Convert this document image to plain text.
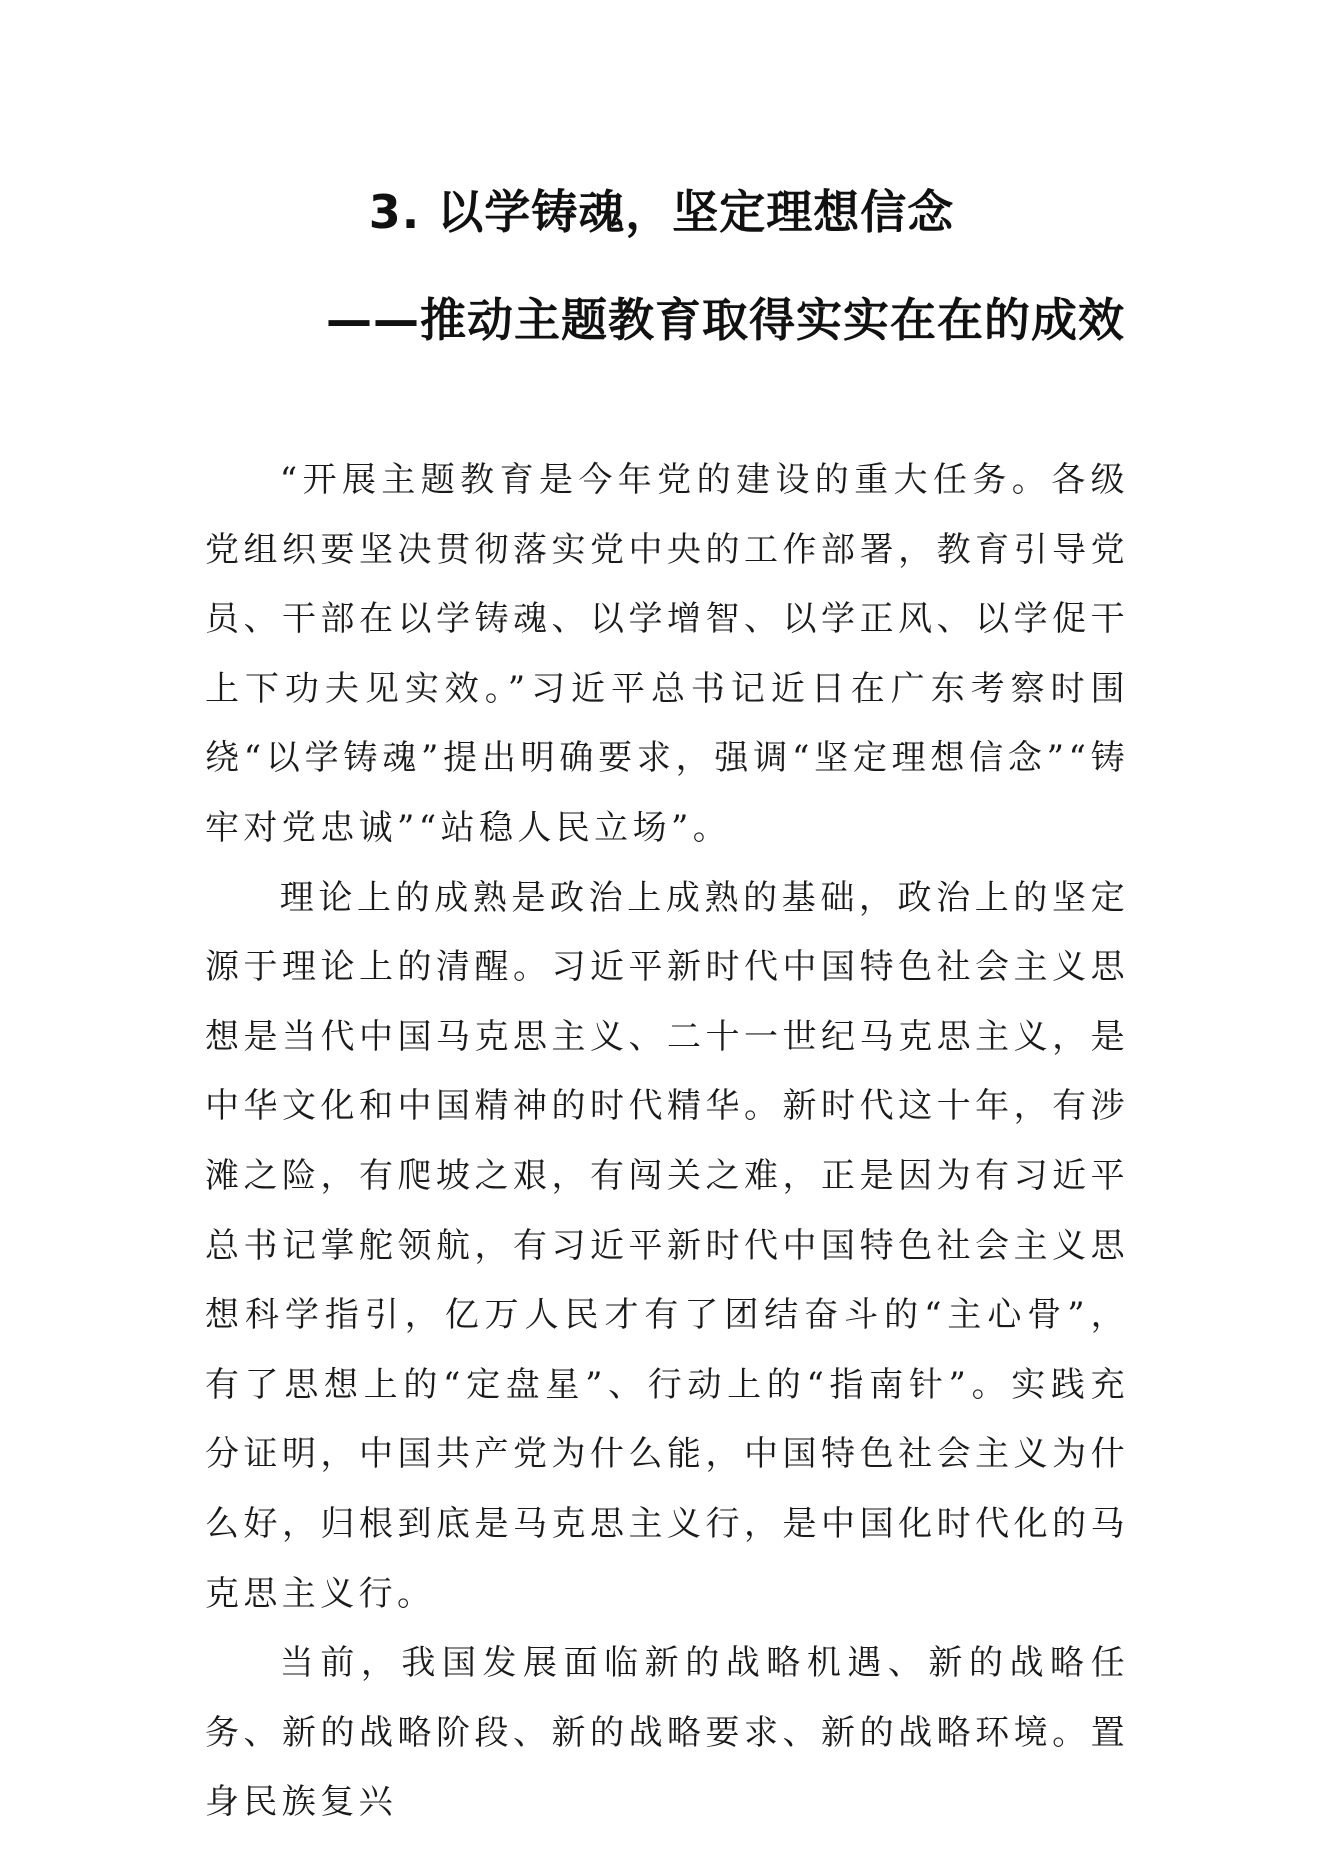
3. 以学铸魂，坚定理想信念
——推动主题教育取得实实在在的成效

“开展主题教育是今年党的建设的重大任务。各级党组织要坚决贯彻落实党中央的工作部署，教育引导党员、干部在以学铸魂、以学增智、以学正风、以学促干上下功夫见实效。”习近平总书记近日在广东考察时围绕“以学铸魂”提出明确要求，强调“坚定理想信念”“铸牢对党忠诚”“站稳人民立场”。

理论上的成熟是政治上成熟的基础，政治上的坚定源于理论上的清醒。习近平新时代中国特色社会主义思想是当代中国马克思主义、二十一世纪马克思主义，是中华文化和中国精神的时代精华。新时代这十年，有涉滩之险，有爬坡之艰，有闯关之难，正是因为有习近平总书记掌舵领航，有习近平新时代中国特色社会主义思想科学指引，亿万人民才有了团结奋斗的“主心骨”，有了思想上的“定盘星”、行动上的“指南针”。实践充分证明，中国共产党为什么能，中国特色社会主义为什么好，归根到底是马克思主义行，是中国化时代化的马克思主义行。

当前，我国发展面临新的战略机遇、新的战略任务、新的战略阶段、新的战略要求、新的战略环境。置身民族复兴
